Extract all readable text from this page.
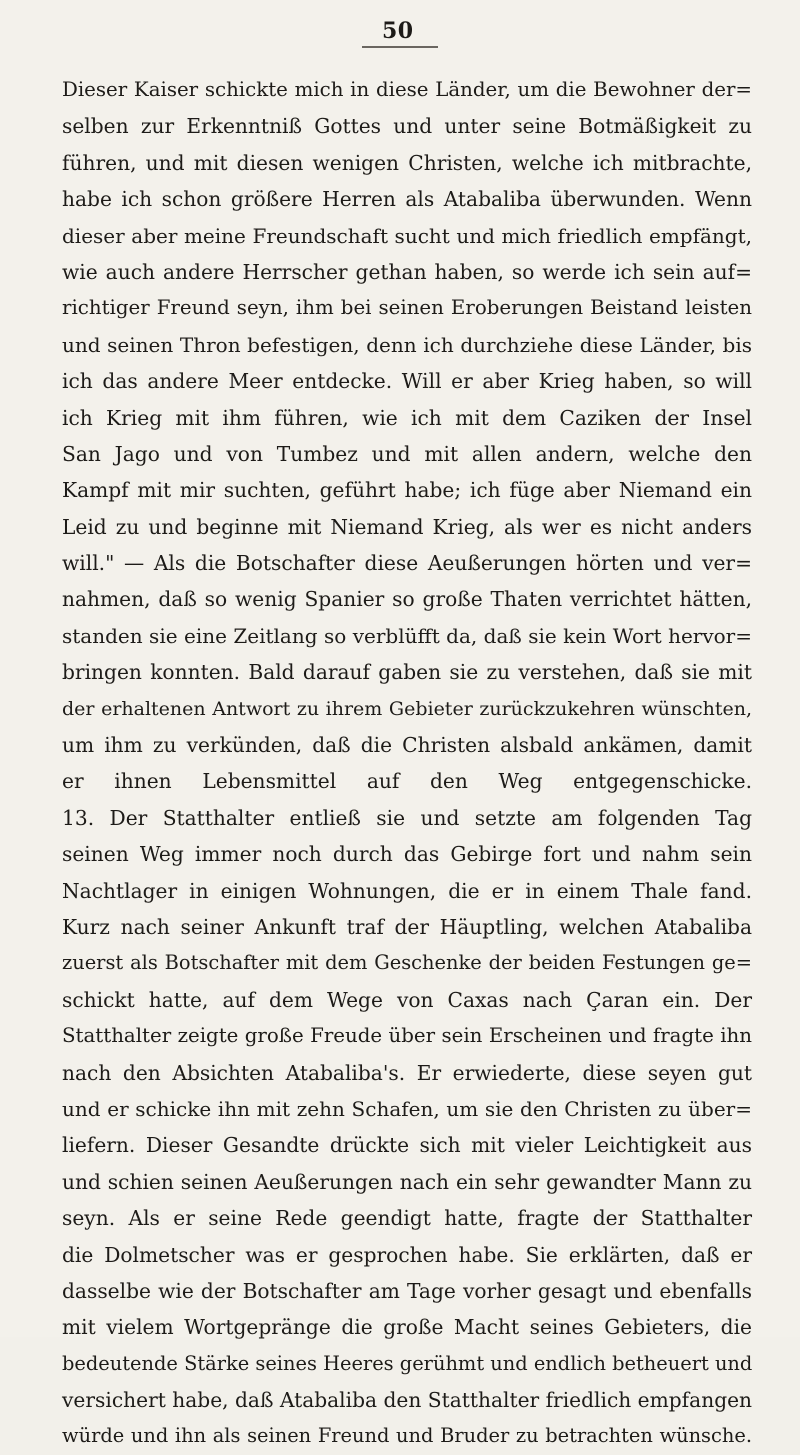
50
Dieser Kaiser schickte mich in diese Länder, um die Bewohner der=
selben zur Erkenntniß Gottes und unter seine Botmäßigkeit zu
führen, und mit diesen wenigen Christen, welche ich mitbrachte,
habe ich schon größere Herren als Atabaliba überwunden. Wenn
dieser aber meine Freundschaft sucht und mich friedlich empfängt,
wie auch andere Herrscher gethan haben, so werde ich sein auf=
richtiger Freund seyn, ihm bei seinen Eroberungen Beistand leisten
und seinen Thron befestigen, denn ich durchziehe diese Länder, bis
ich das andere Meer entdecke. Will er aber Krieg haben, so will
ich Krieg mit ihm führen, wie ich mit dem Caziken der Insel
San Jago und von Tumbez und mit allen andern, welche den
Kampf mit mir suchten, geführt habe; ich füge aber Niemand ein
Leid zu und beginne mit Niemand Krieg, als wer es nicht anders
will." — Als die Botschafter diese Aeußerungen hörten und ver=
nahmen, daß so wenig Spanier so große Thaten verrichtet hätten,
standen sie eine Zeitlang so verblüfft da, daß sie kein Wort hervor=
bringen konnten. Bald darauf gaben sie zu verstehen, daß sie mit
der erhaltenen Antwort zu ihrem Gebieter zurückzukehren wünschten,
um ihm zu verkünden, daß die Christen alsbald ankämen, damit
er ihnen Lebensmittel auf den Weg entgegenschicke.
13. Der Statthalter entließ sie und setzte am folgenden Tag
seinen Weg immer noch durch das Gebirge fort und nahm sein
Nachtlager in einigen Wohnungen, die er in einem Thale fand.
Kurz nach seiner Ankunft traf der Häuptling, welchen Atabaliba
zuerst als Botschafter mit dem Geschenke der beiden Festungen ge=
schickt hatte, auf dem Wege von Caxas nach Çaran ein. Der
Statthalter zeigte große Freude über sein Erscheinen und fragte ihn
nach den Absichten Atabaliba's. Er erwiederte, diese seyen gut
und er schicke ihn mit zehn Schafen, um sie den Christen zu über=
liefern. Dieser Gesandte drückte sich mit vieler Leichtigkeit aus
und schien seinen Aeußerungen nach ein sehr gewandter Mann zu
seyn. Als er seine Rede geendigt hatte, fragte der Statthalter
die Dolmetscher was er gesprochen habe. Sie erklärten, daß er
dasselbe wie der Botschafter am Tage vorher gesagt und ebenfalls
mit vielem Wortgepränge die große Macht seines Gebieters, die
bedeutende Stärke seines Heeres gerühmt und endlich betheuert und
versichert habe, daß Atabaliba den Statthalter friedlich empfangen
würde und ihn als seinen Freund und Bruder zu betrachten wünsche.
